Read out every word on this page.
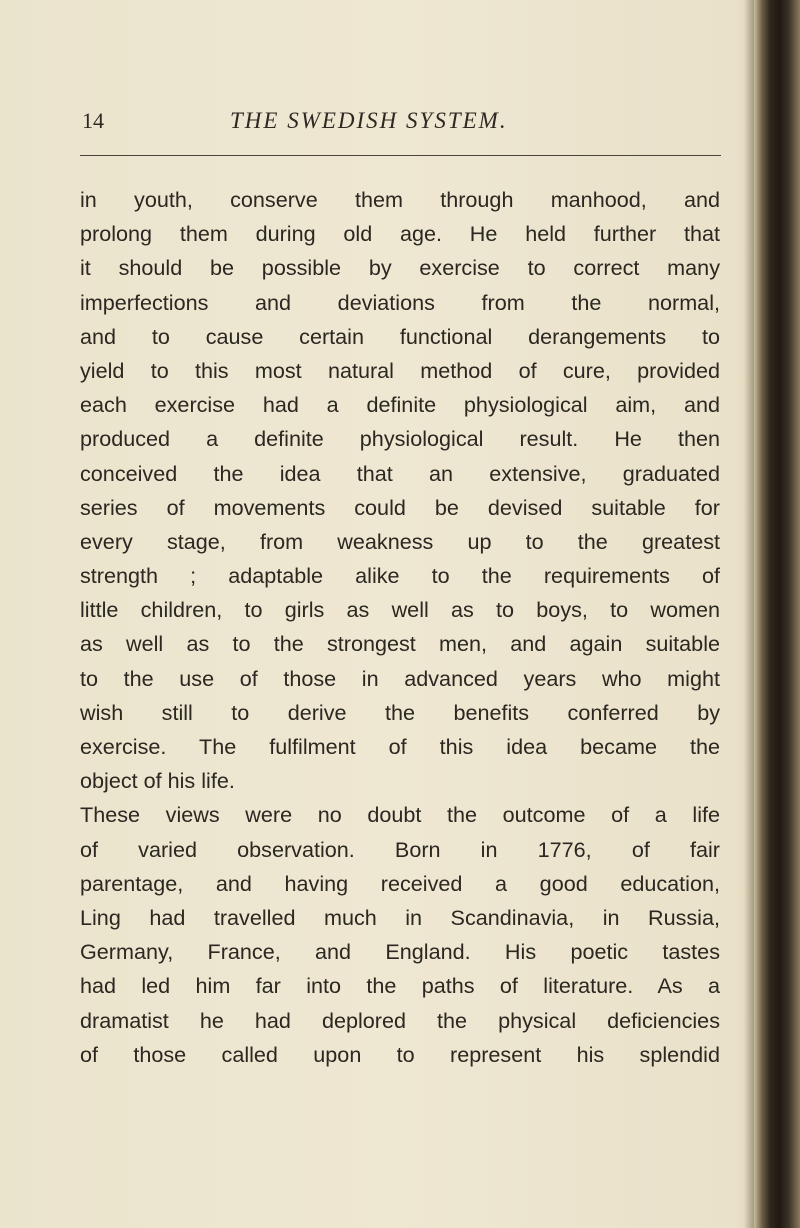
14	THE SWEDISH SYSTEM.
in youth, conserve them through manhood, and
prolong them during old age. He held further that
it should be possible by exercise to correct many
imperfections and deviations from the normal,
and to cause certain functional derangements to
yield to this most natural method of cure, provided
each exercise had a definite physiological aim, and
produced a definite physiological result. He then
conceived the idea that an extensive, graduated
series of movements could be devised suitable for
every stage, from weakness up to the greatest
strength ; adaptable alike to the requirements of
little children, to girls as well as to boys, to women
as well as to the strongest men, and again suitable
to the use of those in advanced years who might
wish still to derive the benefits conferred by
exercise. The fulfilment of this idea became the
object of his life.
These views were no doubt the outcome of a life
of varied observation. Born in 1776, of fair
parentage, and having received a good education,
Ling had travelled much in Scandinavia, in Russia,
Germany, France, and England. His poetic tastes
had led him far into the paths of literature. As a
dramatist he had deplored the physical deficiencies
of those called upon to represent his splendid
